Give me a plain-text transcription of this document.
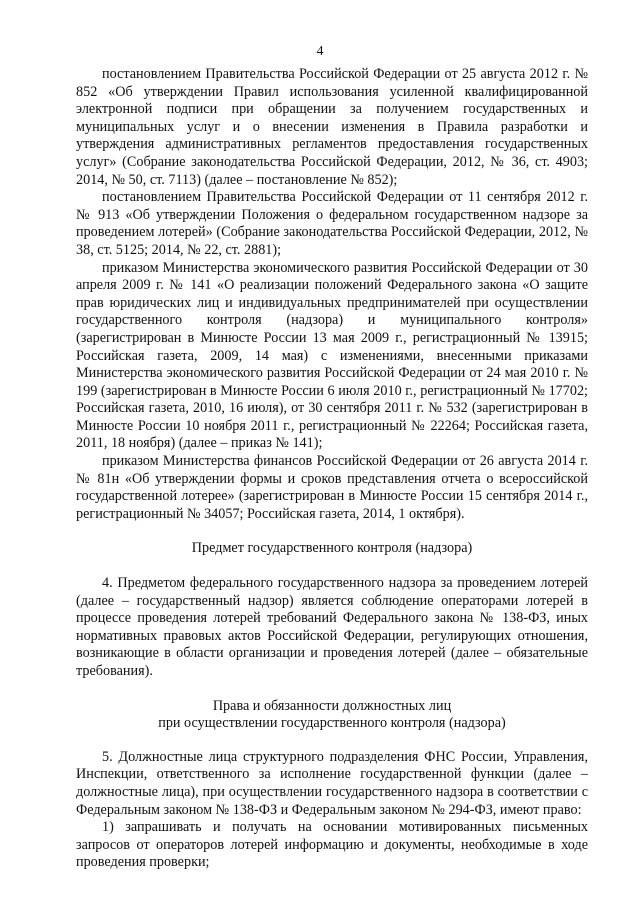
4

постановлением Правительства Российской Федерации от 25 августа 2012 г. № 852 «Об утверждении Правил использования усиленной квалифицированной электронной подписи при обращении за получением государственных и муниципальных услуг и о внесении изменения в Правила разработки и утверждения административных регламентов предоставления государственных услуг» (Собрание законодательства Российской Федерации, 2012, № 36, ст. 4903; 2014, № 50, ст. 7113) (далее – постановление № 852);

постановлением Правительства Российской Федерации от 11 сентября 2012 г. № 913 «Об утверждении Положения о федеральном государственном надзоре за проведением лотерей» (Собрание законодательства Российской Федерации, 2012, № 38, ст. 5125; 2014, № 22, ст. 2881);

приказом Министерства экономического развития Российской Федерации от 30 апреля 2009 г. № 141 «О реализации положений Федерального закона «О защите прав юридических лиц и индивидуальных предпринимателей при осуществлении государственного контроля (надзора) и муниципального контроля» (зарегистрирован в Минюсте России 13 мая 2009 г., регистрационный № 13915; Российская газета, 2009, 14 мая) с изменениями, внесенными приказами Министерства экономического развития Российской Федерации от 24 мая 2010 г. № 199 (зарегистрирован в Минюсте России 6 июля 2010 г., регистрационный № 17702; Российская газета, 2010, 16 июля), от 30 сентября 2011 г. № 532 (зарегистрирован в Минюсте России 10 ноября 2011 г., регистрационный № 22264; Российская газета, 2011, 18 ноября) (далее – приказ № 141);

приказом Министерства финансов Российской Федерации от 26 августа 2014 г. № 81н «Об утверждении формы и сроков представления отчета о всероссийской государственной лотерее» (зарегистрирован в Минюсте России 15 сентября 2014 г., регистрационный № 34057; Российская газета, 2014, 1 октября).

Предмет государственного контроля (надзора)

4. Предметом федерального государственного надзора за проведением лотерей (далее – государственный надзор) является соблюдение операторами лотерей в процессе проведения лотерей требований Федерального закона № 138-ФЗ, иных нормативных правовых актов Российской Федерации, регулирующих отношения, возникающие в области организации и проведения лотерей (далее – обязательные требования).

Права и обязанности должностных лиц

при осуществлении государственного контроля (надзора)

5. Должностные лица структурного подразделения ФНС России, Управления, Инспекции, ответственного за исполнение государственной функции (далее – должностные лица), при осуществлении государственного надзора в соответствии с Федеральным законом № 138-ФЗ и Федеральным законом № 294-ФЗ, имеют право:

1) запрашивать и получать на основании мотивированных письменных запросов от операторов лотерей информацию и документы, необходимые в ходе проведения проверки;
